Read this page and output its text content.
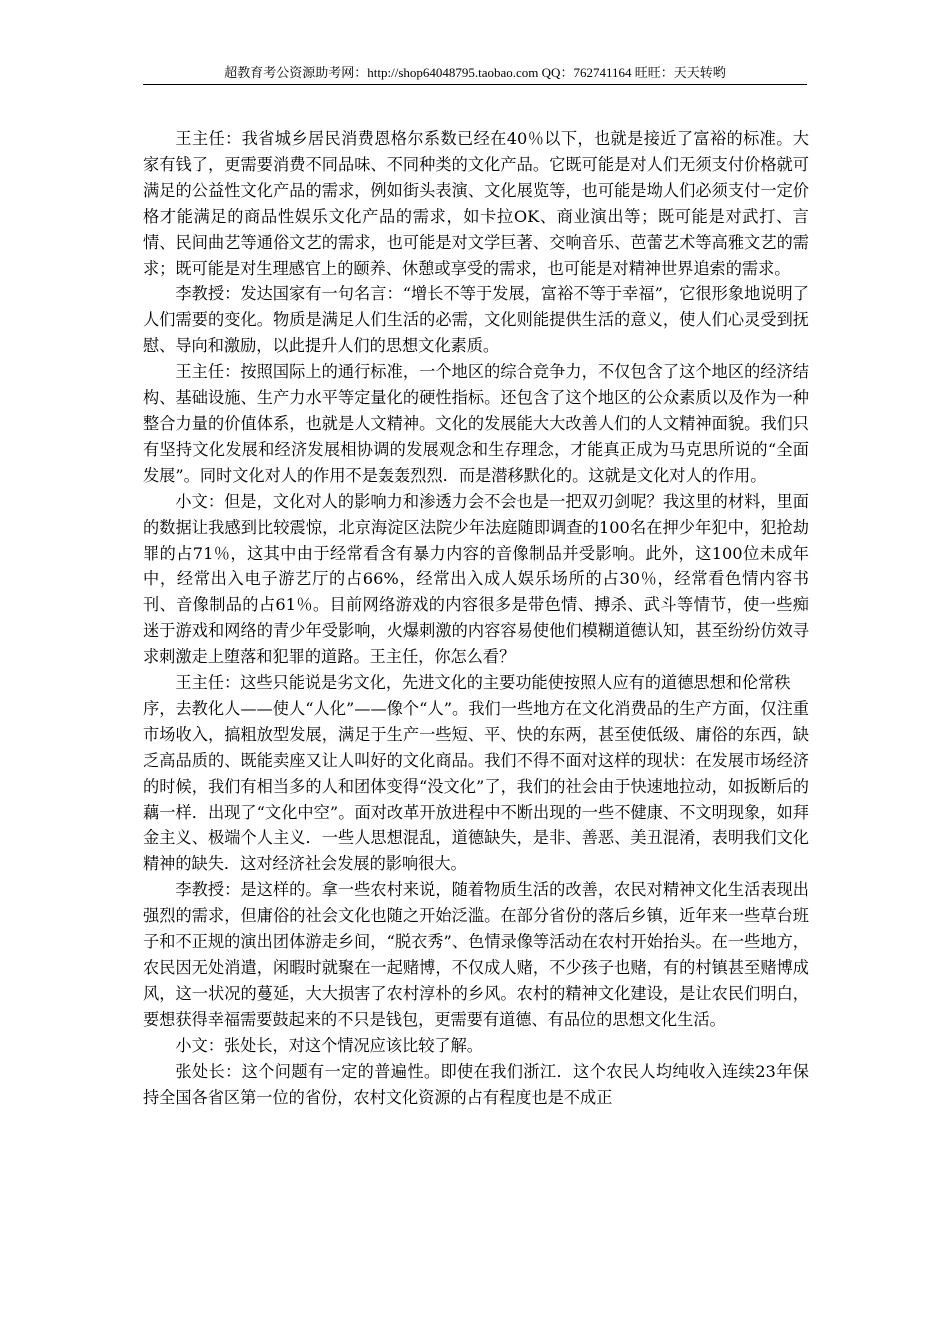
超教育考公资源助考网：http://shop64048795.taobao.com QQ：762741164 旺旺：天天转哟

王主任：我省城乡居民消费恩格尔系数已经在40％以下，也就是接近了富裕的标准。大家有钱了，更需要消费不同品味、不同种类的文化产品。它既可能是对人们无须支付价格就可满足的公益性文化产品的需求，例如街头表演、文化展览等，也可能是坳人们必须支付一定价格才能满足的商品性娱乐文化产品的需求，如卡拉OK、商业演出等；既可能是对武打、言情、民间曲艺等通俗文艺的需求，也可能是对文学巨著、交响音乐、芭蕾艺术等高雅文艺的需求；既可能是对生理感官上的颐养、休憩或享受的需求，也可能是对精神世界追索的需求。

李教授：发达国家有一句名言：“增长不等于发展，富裕不等于幸福”，它很形象地说明了人们需要的变化。物质是满足人们生活的必需，文化则能提供生活的意义，使人们心灵受到抚慰、导向和激励，以此提升人们的思想文化素质。

王主任：按照国际上的通行标准，一个地区的综合竞争力，不仅包含了这个地区的经济结构、基础设施、生产力水平等定量化的硬性指标。还包含了这个地区的公众素质以及作为一种整合力量的价值体系，也就是人文精神。文化的发展能大大改善人们的人文精神面貌。我们只有坚持文化发展和经济发展相协调的发展观念和生存理念，才能真正成为马克思所说的“全面发展”。同时文化对人的作用不是轰轰烈烈．而是潜移默化的。这就是文化对人的作用。

小文：但是，文化对人的影响力和渗透力会不会也是一把双刃剑呢？我这里的材料，里面的数据让我感到比较震惊，北京海淀区法院少年法庭随即调查的100名在押少年犯中，犯抢劫罪的占71％，这其中由于经常看含有暴力内容的音像制品并受影响。此外，这100位未成年中，经常出入电子游艺厅的占66%，经常出入成人娱乐场所的占30％，经常看色情内容书刊、音像制品的占61％。目前网络游戏的内容很多是带色情、搏杀、武斗等情节，使一些痴迷于游戏和网络的青少年受影响，火爆刺激的内容容易使他们模糊道德认知，甚至纷纷仿效寻求刺激走上堕落和犯罪的道路。王主任，你怎么看？

王主任：这些只能说是劣文化，先进文化的主要功能使按照人应有的道德思想和伦常秩

序，去教化人——使人“人化”——像个“人”。我们一些地方在文化消费品的生产方面，仅注重市场收入，搞粗放型发展，满足于生产一些短、平、快的东两，甚至使低级、庸俗的东西，缺乏高品质的、既能卖座又让人叫好的文化商品。我们不得不面对这样的现状：在发展市场经济的时候，我们有相当多的人和团体变得“没文化”了，我们的社会由于快速地拉动，如扳断后的藕一样．出现了“文化中空”。面对改革开放进程中不断出现的一些不健康、不文明现象，如拜金主义、极端个人主义．一些人思想混乱，道德缺失，是非、善恶、美丑混淆，表明我们文化精神的缺失．这对经济社会发展的影响很大。

李教授：是这样的。拿一些农村来说，随着物质生活的改善，农民对精神文化生活表现出强烈的需求，但庸俗的社会文化也随之开始泛滥。在部分省份的落后乡镇，近年来一些草台班子和不正规的演出团体游走乡间，“脱衣秀”、色情录像等活动在农村开始抬头。在一些地方，农民因无处消遣，闲暇时就聚在一起赌博，不仅成人赌，不少孩子也赌，有的村镇甚至赌博成风，这一状况的蔓延，大大损害了农村淳朴的乡风。农村的精神文化建设，是让农民们明白，要想获得幸福需要鼓起来的不只是钱包，更需要有道德、有品位的思想文化生活。

小文：张处长，对这个情况应该比较了解。

张处长：这个问题有一定的普遍性。即使在我们浙江．这个农民人均纯收入连续23年保持全国各省区第一位的省份，农村文化资源的占有程度也是不成正
